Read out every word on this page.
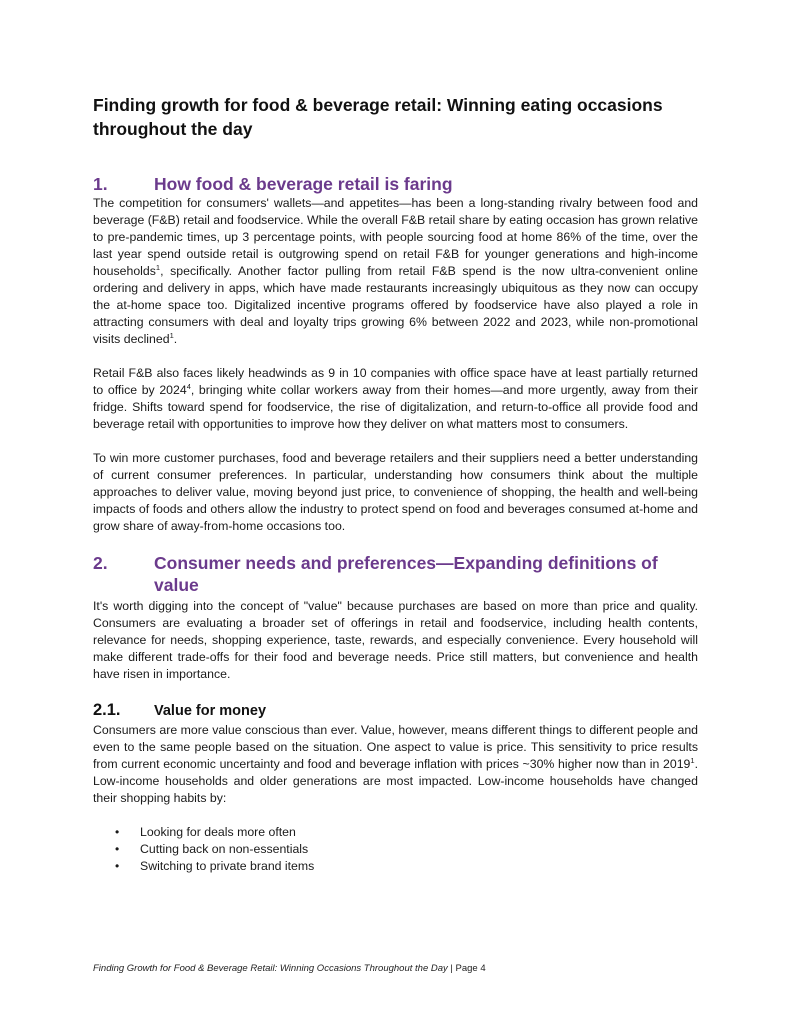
Finding growth for food & beverage retail: Winning eating occasions throughout the day
1.	How food & beverage retail is faring

The competition for consumers' wallets—and appetites—has been a long-standing rivalry between food and beverage (F&B) retail and foodservice. While the overall F&B retail share by eating occasion has grown relative to pre-pandemic times, up 3 percentage points, with people sourcing food at home 86% of the time, over the last year spend outside retail is outgrowing spend on retail F&B for younger generations and high-income households$^1$, specifically. Another factor pulling from retail F&B spend is the now ultra-convenient online ordering and delivery in apps, which have made restaurants increasingly ubiquitous as they now can occupy the at-home space too. Digitalized incentive programs offered by foodservice have also played a role in attracting consumers with deal and loyalty trips growing 6% between 2022 and 2023, while non-promotional visits declined$^1$.

Retail F&B also faces likely headwinds as 9 in 10 companies with office space have at least partially returned to office by 2024$^4$, bringing white collar workers away from their homes—and more urgently, away from their fridge. Shifts toward spend for foodservice, the rise of digitalization, and return-to-office all provide food and beverage retail with opportunities to improve how they deliver on what matters most to consumers.

To win more customer purchases, food and beverage retailers and their suppliers need a better understanding of current consumer preferences. In particular, understanding how consumers think about the multiple approaches to deliver value, moving beyond just price, to convenience of shopping, the health and well-being impacts of foods and others allow the industry to protect spend on food and beverages consumed at-home and grow share of away-from-home occasions too.

2.	Consumer needs and preferences—Expanding definitions of value

It's worth digging into the concept of "value" because purchases are based on more than price and quality. Consumers are evaluating a broader set of offerings in retail and foodservice, including health contents, relevance for needs, shopping experience, taste, rewards, and especially convenience. Every household will make different trade-offs for their food and beverage needs. Price still matters, but convenience and health have risen in importance.

2.1.	Value for money

Consumers are more value conscious than ever. Value, however, means different things to different people and even to the same people based on the situation. One aspect to value is price. This sensitivity to price results from current economic uncertainty and food and beverage inflation with prices ~30% higher now than in 2019$^1$. Low-income households and older generations are most impacted. Low-income households have changed their shopping habits by:

• Looking for deals more often
• Cutting back on non-essentials
• Switching to private brand items
Finding Growth for Food & Beverage Retail: Winning Occasions Throughout the Day | Page 4
